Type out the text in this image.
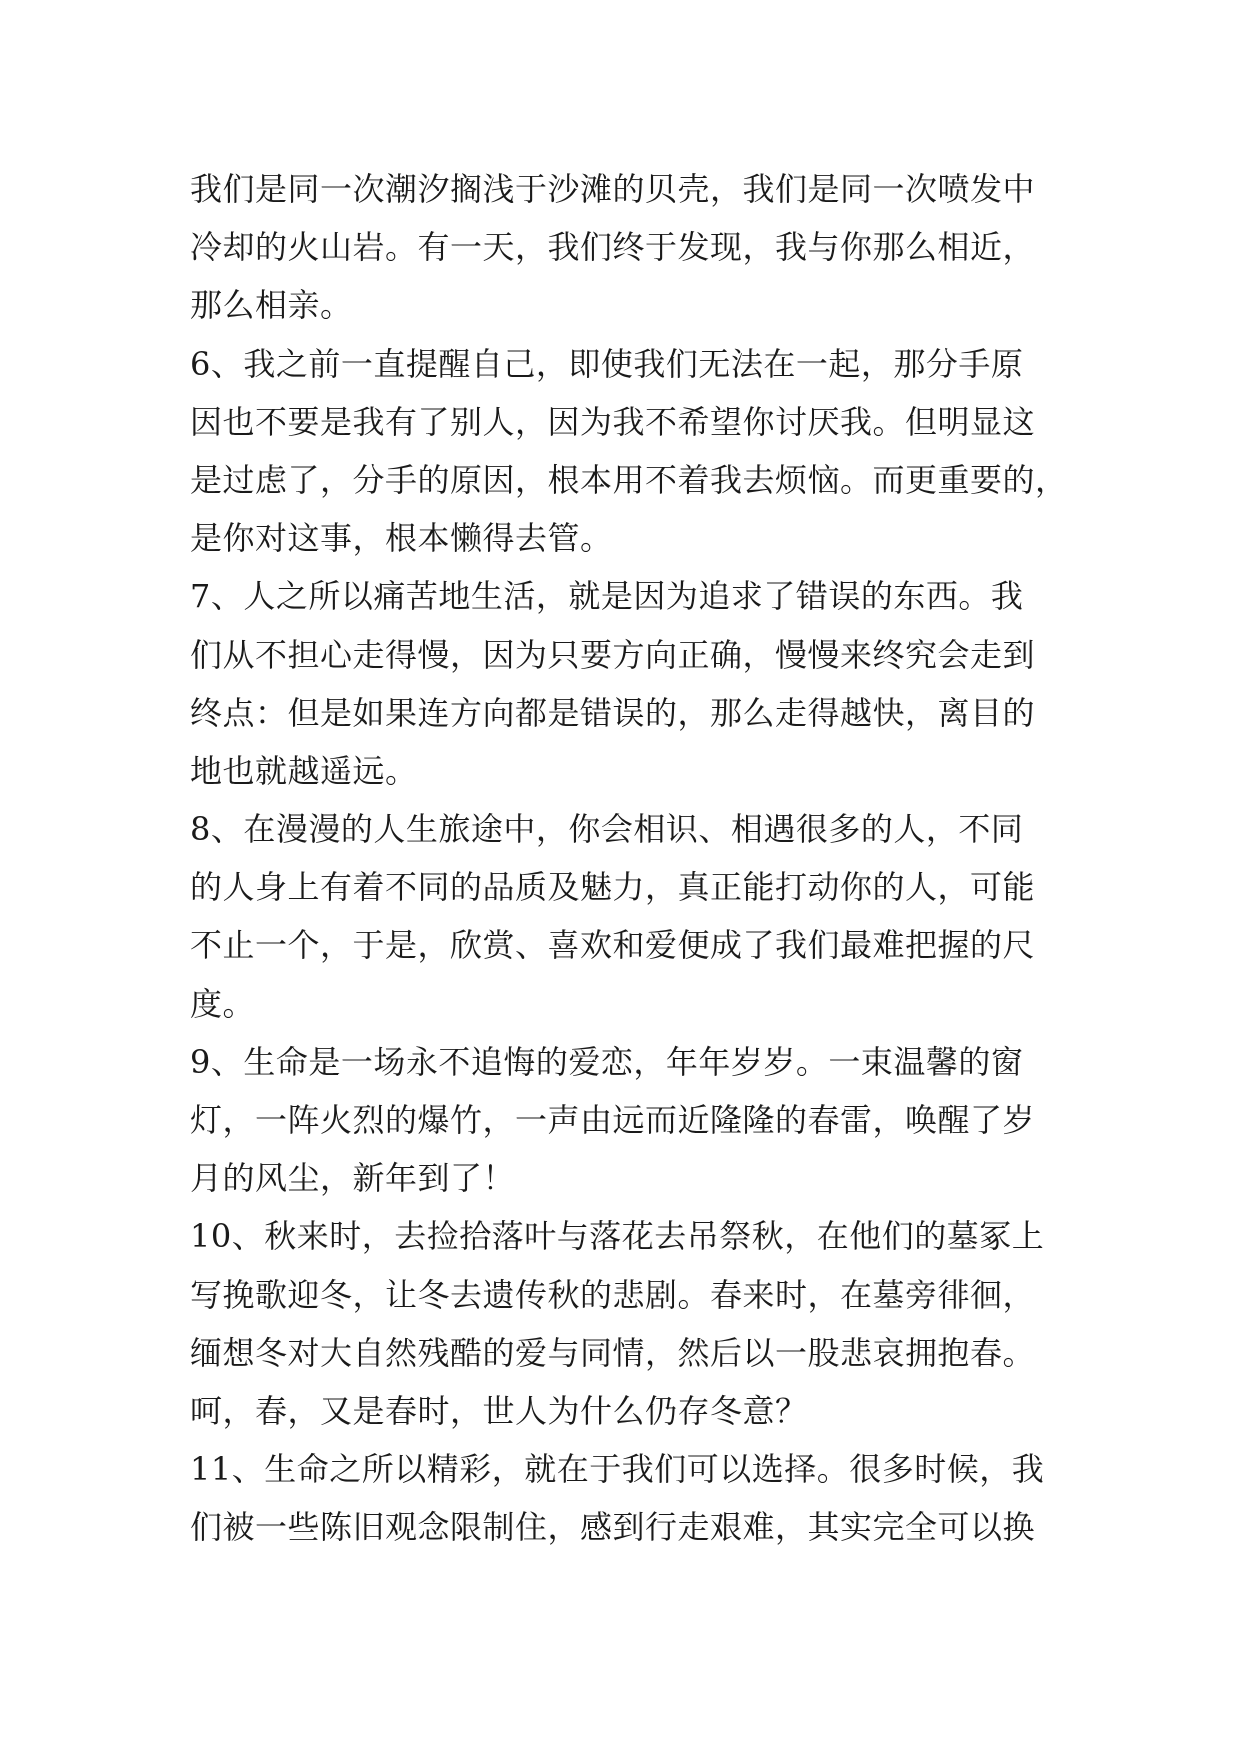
我们是同一次潮汐搁浅于沙滩的贝壳，我们是同一次喷发中
冷却的火山岩。有一天，我们终于发现，我与你那么相近，
那么相亲。
6、我之前一直提醒自己，即使我们无法在一起，那分手原
因也不要是我有了别人，因为我不希望你讨厌我。但明显这
是过虑了，分手的原因，根本用不着我去烦恼。而更重要的，
是你对这事，根本懒得去管。
7、人之所以痛苦地生活，就是因为追求了错误的东西。我
们从不担心走得慢，因为只要方向正确，慢慢来终究会走到
终点：但是如果连方向都是错误的，那么走得越快，离目的
地也就越遥远。
8、在漫漫的人生旅途中，你会相识、相遇很多的人，不同
的人身上有着不同的品质及魅力，真正能打动你的人，可能
不止一个，于是，欣赏、喜欢和爱便成了我们最难把握的尺
度。
9、生命是一场永不追悔的爱恋，年年岁岁。一束温馨的窗
灯，一阵火烈的爆竹，一声由远而近隆隆的春雷，唤醒了岁
月的风尘，新年到了！
10、秋来时，去捡拾落叶与落花去吊祭秋，在他们的墓冢上
写挽歌迎冬，让冬去遗传秋的悲剧。春来时，在墓旁徘徊，
缅想冬对大自然残酷的爱与同情，然后以一股悲哀拥抱春。
呵，春，又是春时，世人为什么仍存冬意？
11、生命之所以精彩，就在于我们可以选择。很多时候，我
们被一些陈旧观念限制住，感到行走艰难，其实完全可以换
